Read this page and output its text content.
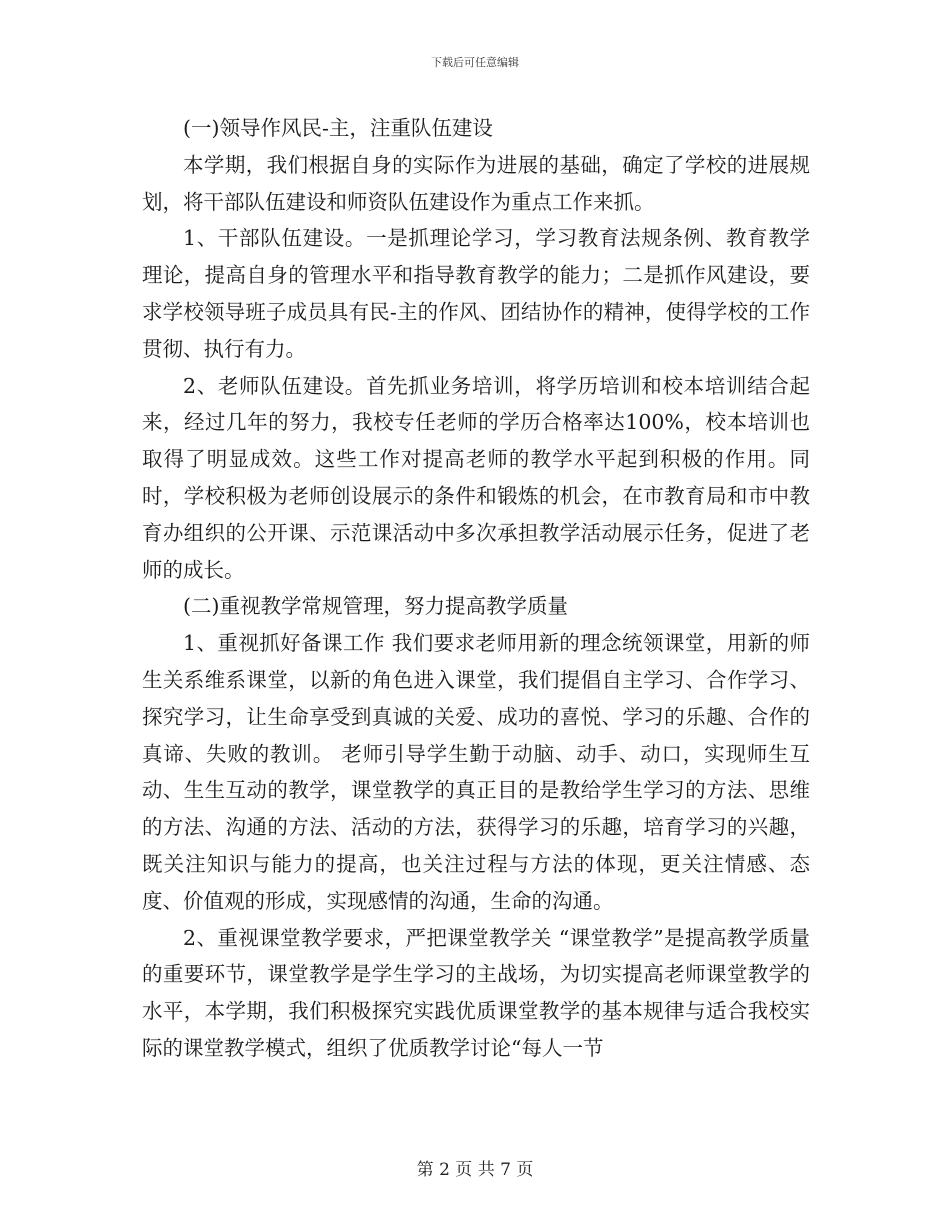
下载后可任意编辑

(一)领导作风民-主，注重队伍建设

本学期，我们根据自身的实际作为进展的基础，确定了学校的进展规划，将干部队伍建设和师资队伍建设作为重点工作来抓。

1、干部队伍建设。一是抓理论学习，学习教育法规条例、教育教学理论，提高自身的管理水平和指导教育教学的能力；二是抓作风建设，要求学校领导班子成员具有民-主的作风、团结协作的精神，使得学校的工作贯彻、执行有力。

2、老师队伍建设。首先抓业务培训，将学历培训和校本培训结合起来，经过几年的努力，我校专任老师的学历合格率达100%，校本培训也取得了明显成效。这些工作对提高老师的教学水平起到积极的作用。同时，学校积极为老师创设展示的条件和锻炼的机会，在市教育局和市中教育办组织的公开课、示范课活动中多次承担教学活动展示任务，促进了老师的成长。

(二)重视教学常规管理，努力提高教学质量

1、重视抓好备课工作 我们要求老师用新的理念统领课堂，用新的师生关系维系课堂，以新的角色进入课堂，我们提倡自主学习、合作学习、探究学习，让生命享受到真诚的关爱、成功的喜悦、学习的乐趣、合作的真谛、失败的教训。 老师引导学生勤于动脑、动手、动口，实现师生互动、生生互动的教学，课堂教学的真正目的是教给学生学习的方法、思维的方法、沟通的方法、活动的方法，获得学习的乐趣，培育学习的兴趣，既关注知识与能力的提高，也关注过程与方法的体现，更关注情感、态度、价值观的形成，实现感情的沟通，生命的沟通。

2、重视课堂教学要求，严把课堂教学关 “课堂教学”是提高教学质量的重要环节，课堂教学是学生学习的主战场，为切实提高老师课堂教学的水平，本学期，我们积极探究实践优质课堂教学的基本规律与适合我校实际的课堂教学模式，组织了优质教学讨论“每人一节

第 2 页 共 7 页
